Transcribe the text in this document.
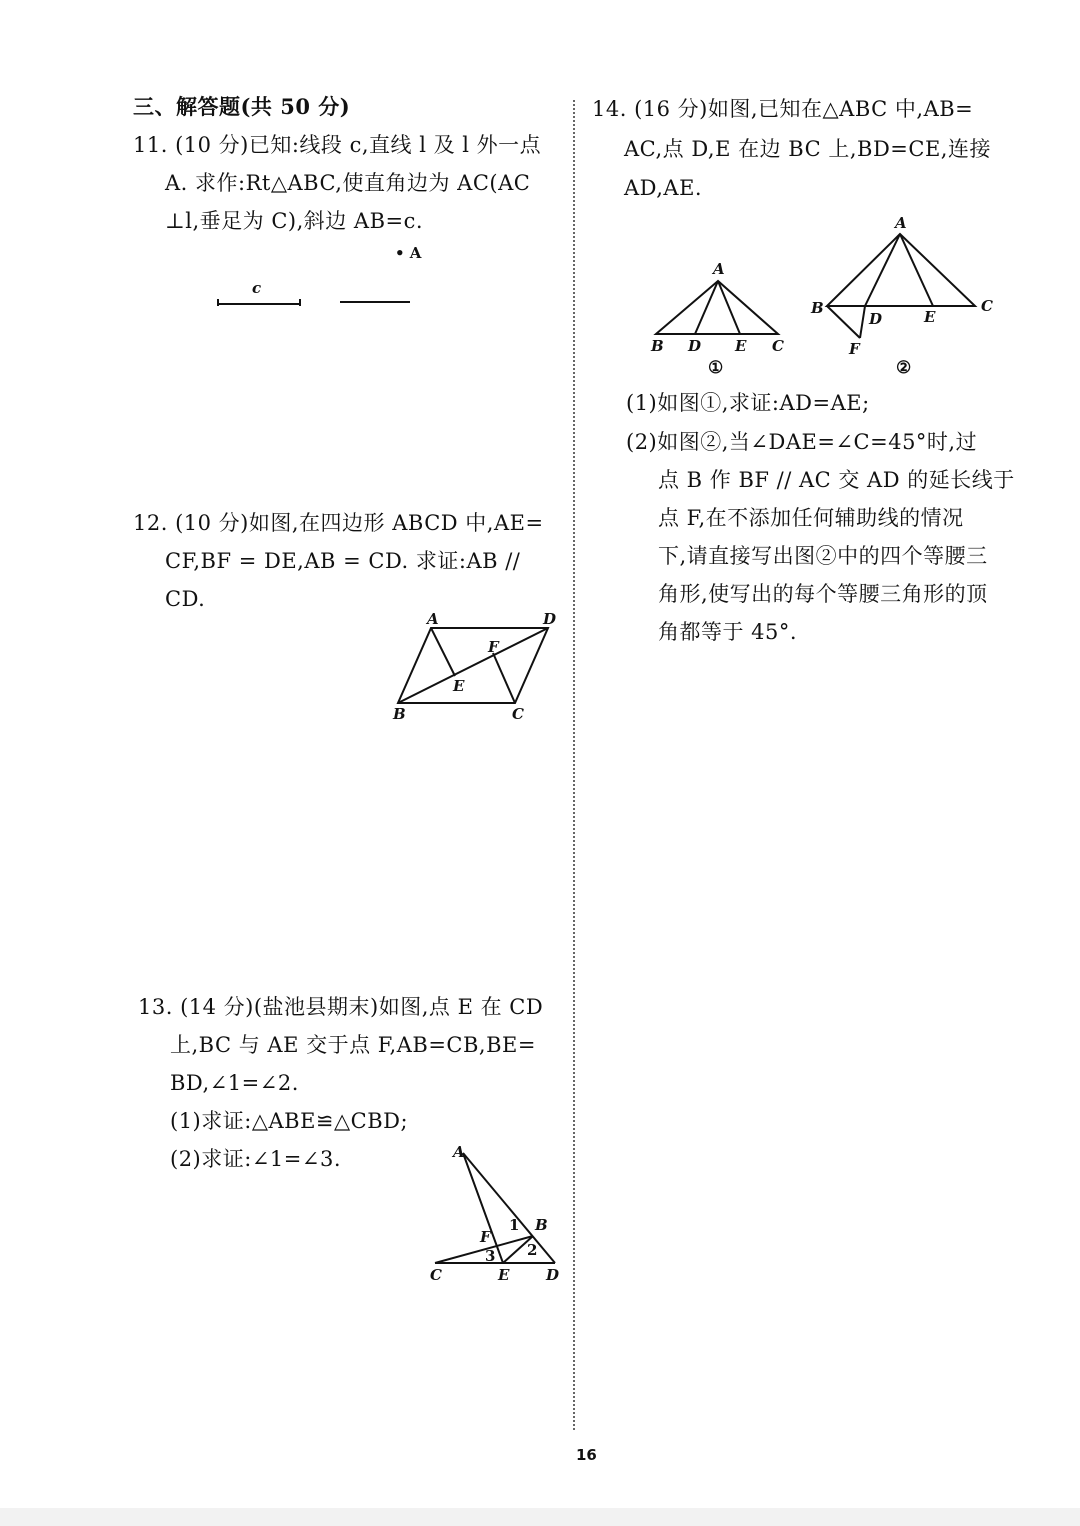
三、解答题(共 50 分)
11. (10 分)已知:线段 c,直线 l 及 l 外一点
A. 求作:Rt△ABC,使直角边为 AC(AC
⊥l,垂足为 C),斜边 AB=c.
• A
c
12. (10 分)如图,在四边形 ABCD 中,AE=
CF,BF = DE,AB = CD. 求证:AB //
CD.
A	D
F
E
B	C
13. (14 分)(盐池县期末)如图,点 E 在 CD
上,BC 与 AE 交于点 F,AB=CB,BE=
BD,∠1=∠2.
(1)求证:△ABE≌△CBD;
(2)求证:∠1=∠3.	A
B
1
2
3
F
C	E D
14. (16 分)如图,已知在△ABC 中,AB=
AC,点 D,E 在边 BC 上,BD=CE,连接
AD,AE.
A
B D E C
①
A
B	C
D	E
F
②
(1)如图①,求证:AD=AE;
(2)如图②,当∠DAE=∠C=45°时,过
点 B 作 BF // AC 交 AD 的延长线于
点 F,在不添加任何辅助线的情况
下,请直接写出图②中的四个等腰三
角形,使写出的每个等腰三角形的顶
角都等于 45°.
16
